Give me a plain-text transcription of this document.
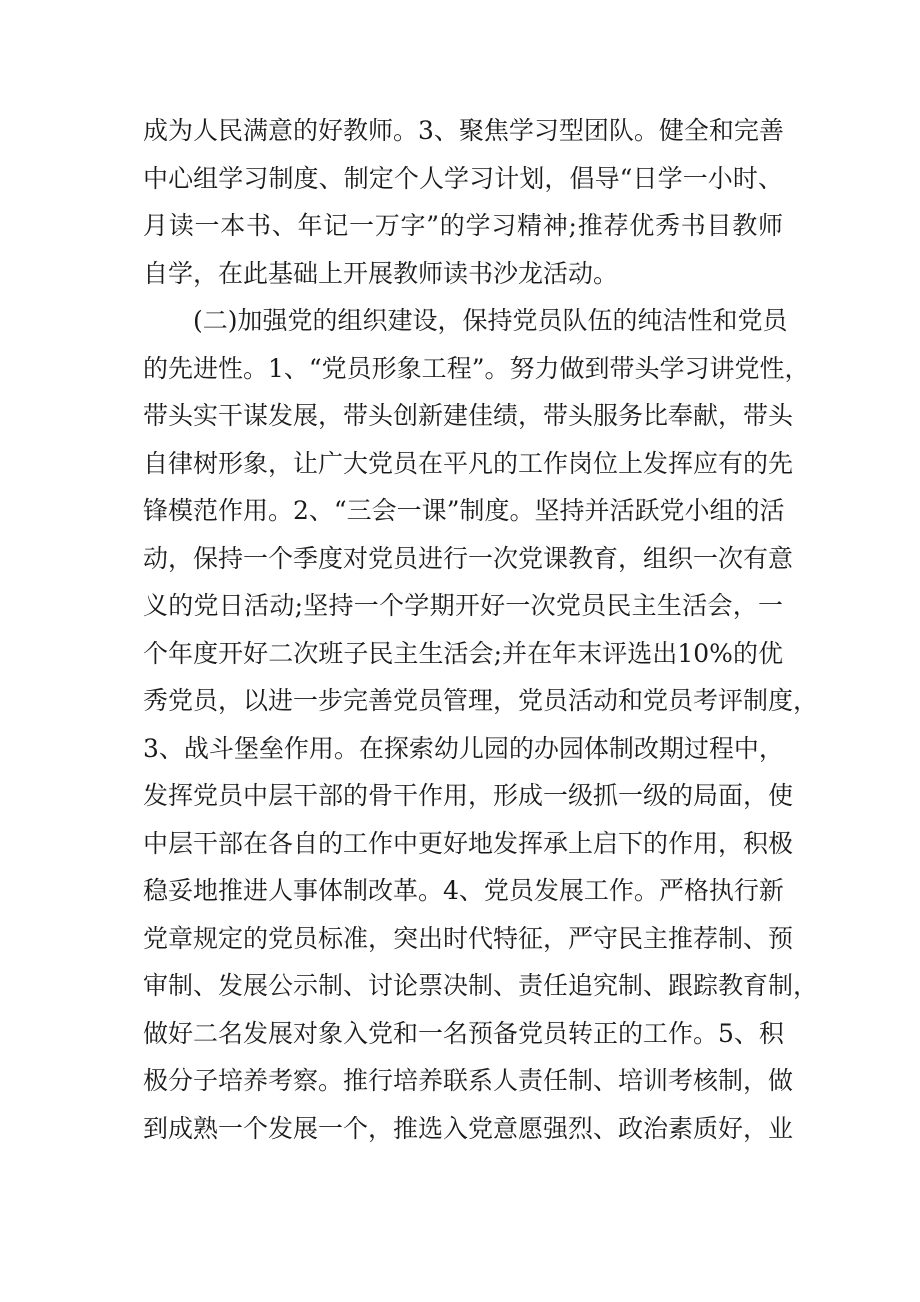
成为人民满意的好教师。3、聚焦学习型团队。健全和完善
中心组学习制度、制定个人学习计划，倡导“日学一小时、
月读一本书、年记一万字”的学习精神;推荐优秀书目教师
自学，在此基础上开展教师读书沙龙活动。
(二)加强党的组织建设，保持党员队伍的纯洁性和党员
的先进性。1、“党员形象工程”。努力做到带头学习讲党性，
带头实干谋发展，带头创新建佳绩，带头服务比奉献，带头
自律树形象，让广大党员在平凡的工作岗位上发挥应有的先
锋模范作用。2、“三会一课”制度。坚持并活跃党小组的活
动，保持一个季度对党员进行一次党课教育，组织一次有意
义的党日活动;坚持一个学期开好一次党员民主生活会，一
个年度开好二次班子民主生活会;并在年末评选出10%的优
秀党员，以进一步完善党员管理，党员活动和党员考评制度，
3、战斗堡垒作用。在探索幼儿园的办园体制改期过程中，
发挥党员中层干部的骨干作用，形成一级抓一级的局面，使
中层干部在各自的工作中更好地发挥承上启下的作用，积极
稳妥地推进人事体制改革。4、党员发展工作。严格执行新
党章规定的党员标准，突出时代特征，严守民主推荐制、预
审制、发展公示制、讨论票决制、责任追究制、跟踪教育制，
做好二名发展对象入党和一名预备党员转正的工作。5、积
极分子培养考察。推行培养联系人责任制、培训考核制，做
到成熟一个发展一个，推选入党意愿强烈、政治素质好，业
